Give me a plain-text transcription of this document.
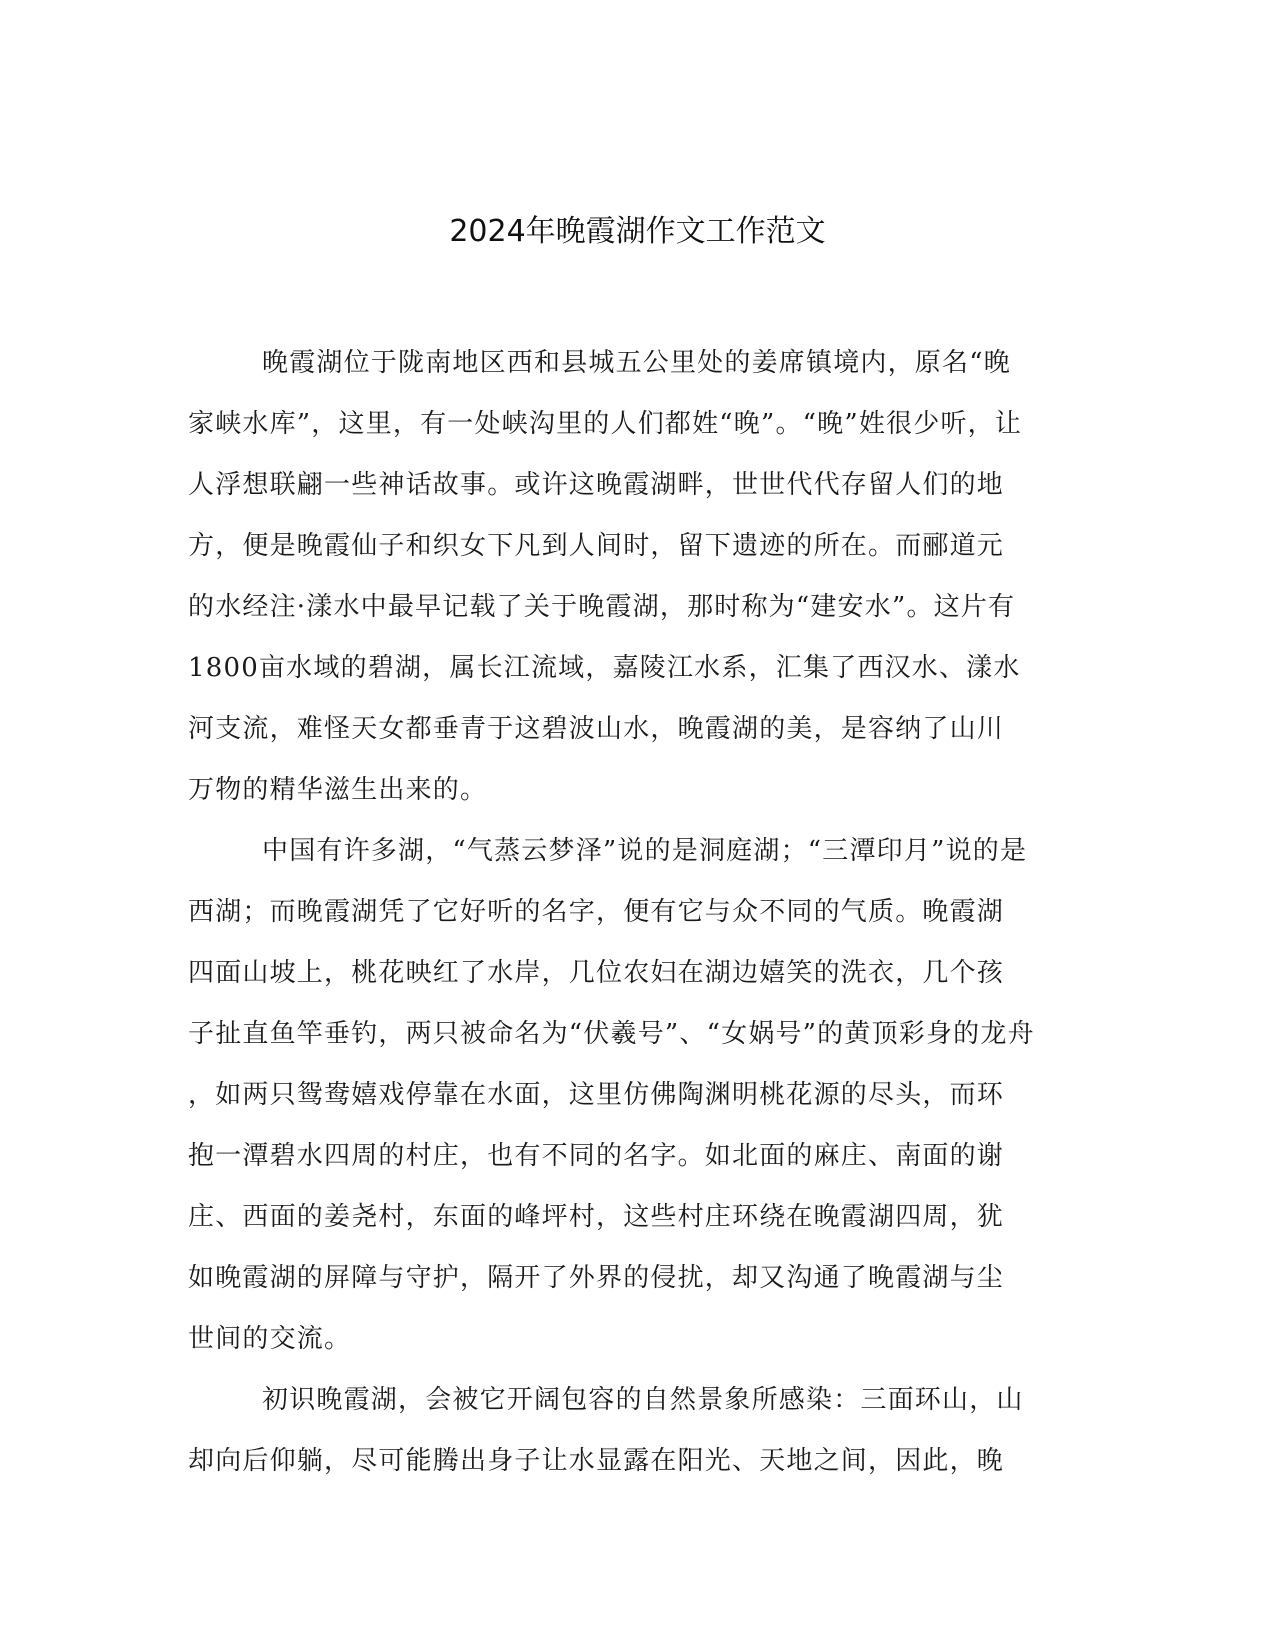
2024年晚霞湖作文工作范文
晚霞湖位于陇南地区西和县城五公里处的姜席镇境内，原名“晚
家峡水库”，这里，有一处峡沟里的人们都姓“晚”。“晚”姓很少听，让
人浮想联翩一些神话故事。或许这晚霞湖畔，世世代代存留人们的地
方，便是晚霞仙子和织女下凡到人间时，留下遗迹的所在。而郦道元
的水经注·漾水中最早记载了关于晚霞湖，那时称为“建安水”。这片有
1800亩水域的碧湖，属长江流域，嘉陵江水系，汇集了西汉水、漾水
河支流，难怪天女都垂青于这碧波山水，晚霞湖的美，是容纳了山川
万物的精华滋生出来的。
中国有许多湖，“气蒸云梦泽”说的是洞庭湖；“三潭印月”说的是
西湖；而晚霞湖凭了它好听的名字，便有它与众不同的气质。晚霞湖
四面山坡上，桃花映红了水岸，几位农妇在湖边嬉笑的洗衣，几个孩
子扯直鱼竿垂钓，两只被命名为“伏羲号”、“女娲号”的黄顶彩身的龙舟
，如两只鸳鸯嬉戏停靠在水面，这里仿佛陶渊明桃花源的尽头，而环
抱一潭碧水四周的村庄，也有不同的名字。如北面的麻庄、南面的谢
庄、西面的姜尧村，东面的峰坪村，这些村庄环绕在晚霞湖四周，犹
如晚霞湖的屏障与守护，隔开了外界的侵扰，却又沟通了晚霞湖与尘
世间的交流。
初识晚霞湖，会被它开阔包容的自然景象所感染：三面环山，山
却向后仰躺，尽可能腾出身子让水显露在阳光、天地之间，因此，晚
